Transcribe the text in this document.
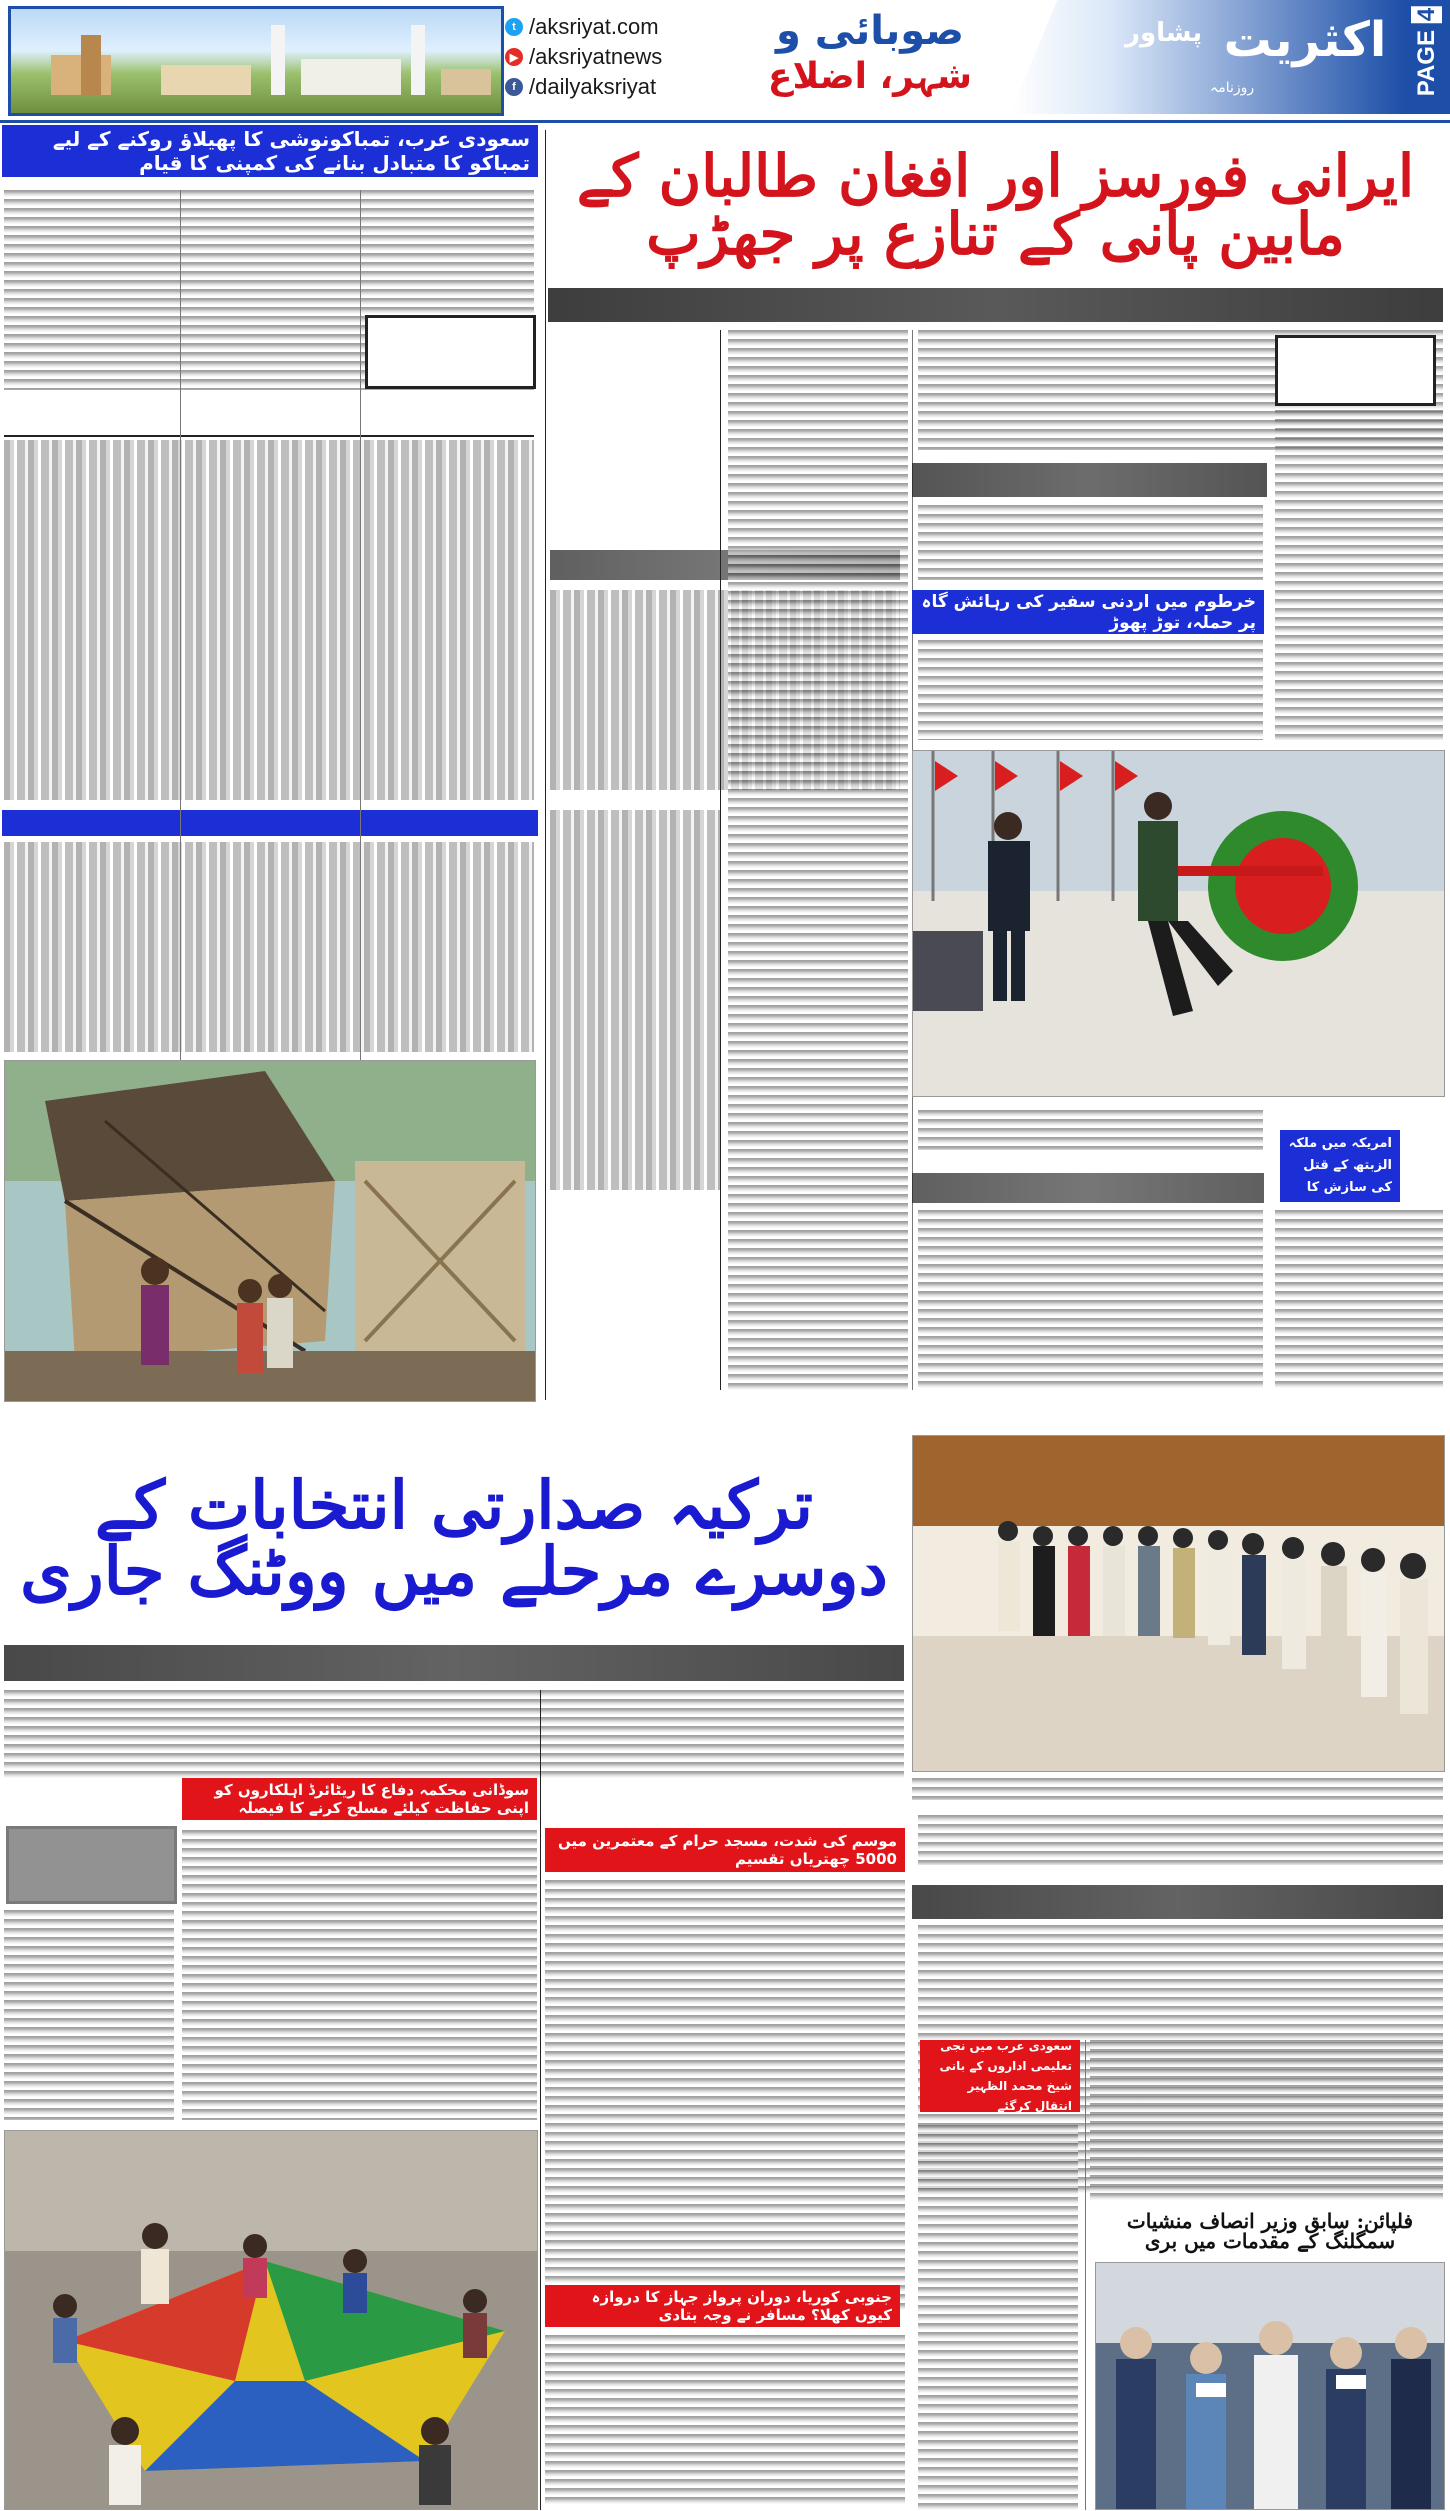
t /aksriyat.com
▶ /aksriyatnews
f /dailyaksriyat
صوبائی و
شہر، اضلاع
پشاور اکثریت
روزنامہ	PAGE 4
ایرانی فورسز اور افغان طالبان کے مابین پانی کے تنازع پر جھڑپ
سعودی عرب، تمباکونوشی کا پھیلاؤ روکنے کے لیے تمباکو کا متبادل بنانے کی کمپنی کا قیام
خرطوم میں اردنی سفیر کی رہائش گاہ پر حملہ، توڑ پھوڑ
ایف بی آئی نے امریکہ میں ملکہ الزبتھ کے قتل کی سازش کا
ترکیہ صدارتی انتخابات کے دوسرے مرحلے میں ووٹنگ جاری
سوڈانی محکمہ دفاع کا ریٹائرڈ اہلکاروں کو اپنی حفاظت کیلئے مسلح کرنے کا فیصلہ
موسم کی شدت، مسجد حرام کے معتمرین میں 5000 چھتریاں تقسیم
سعودی عرب میں نجی تعلیمی اداروں کے بانی شیخ محمد الظہیر انتقال کرگئے
جنوبی کوریا، دوران پرواز جہاز کا دروازہ کیوں کھلا؟ مسافر نے وجہ بتادی
فلپائن: سابق وزیر انصاف منشیات سمگلنگ کے مقدمات میں بری
